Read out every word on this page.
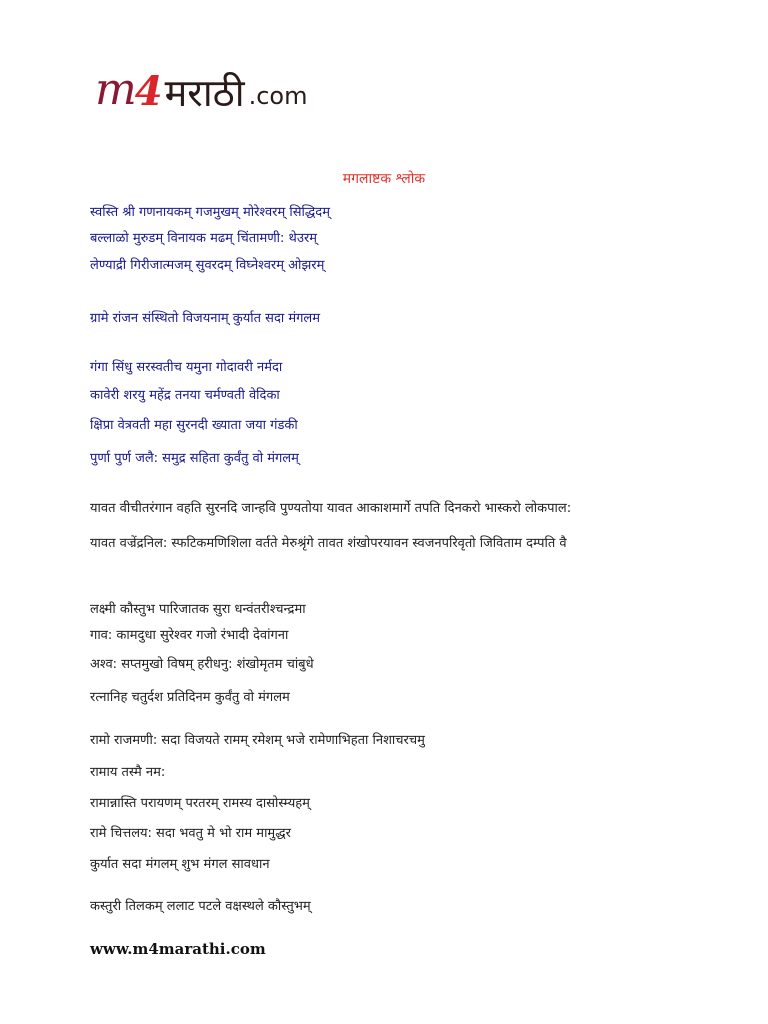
m 4 मराठी .com
मगलाष्टक श्लोक
स्वस्ति श्री गणनायकम् गजमुखम् मोरेश्वरम् सिद्धिदम्
बल्लाळो मुरुडम् विनायक मढम् चिंतामणी: थेउरम्
लेण्याद्री गिरीजात्मजम् सुवरदम् विघ्नेश्वरम् ओझरम्
ग्रामे रांजन संस्थितो विजयनाम् कुर्यात सदा मंगलम
गंगा सिंधु सरस्वतीच यमुना गोदावरी नर्मदा
कावेरी शरयु महेंद्र तनया चर्मण्वती वेदिका
क्षिप्रा वेत्रवती महा सुरनदी ख्याता जया गंडकी
पुर्णा पुर्ण जलै: समुद्र सहिता कुर्वंतु वो मंगलम्
यावत वीचीतरंगान वहति सुरनदि जान्हवि पुण्यतोया यावत आकाशमार्गे तपति दिनकरो भास्करो लोकपाल:
यावत वज्रेंद्रनिल: स्फटिकमणिशिला वर्तते मेरुश्रृंगे तावत शंखोपरयावन स्वजनपरिवृतो जिविताम दम्पति वै
लक्ष्मी कौस्तुभ पारिजातक सुरा धन्वंतरीश्चन्द्रमा
गाव: कामदुधा सुरेश्वर गजो रंभादी देवांगना
अश्व: सप्तमुखो विषम् हरीधनु: शंखोमृतम चांबुधे
रत्नानिह चतुर्दश प्रतिदिनम कुर्वंतु वो मंगलम
रामो राजमणी: सदा विजयते रामम् रमेशम् भजे रामेणाभिहता निशाचरचमु
रामाय तस्मै नम:
रामान्नास्ति परायणम् परतरम् रामस्य दासोस्म्यहम्
रामे चित्तलय: सदा भवतु मे भो राम मामुद्धर
कुर्यात सदा मंगलम् शुभ मंगल सावधान
कस्तुरी तिलकम् ललाट पटले वक्षस्थले कौस्तुभम्
www.m4marathi.com
